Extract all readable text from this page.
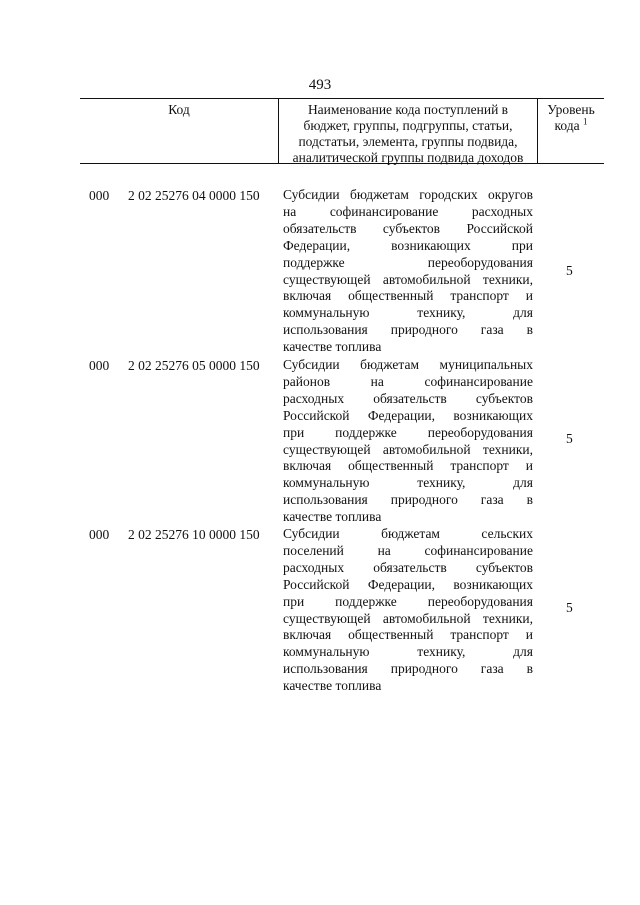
493
Код	Наименование кода поступлений в
бюджет, группы, подгруппы, статьи,
подстатьи, элемента, группы подвида,
аналитической группы подвида доходов
Уровень
кода $^1$
000 2 02 25276 04 0000 150 Субсидии бюджетам городских округов
на софинансирование расходных
обязательств субъектов Российской
Федерации, возникающих при
поддержке переоборудования
существующей автомобильной техники,
включая общественный транспорт и
коммунальную технику, для
использования природного газа в
качестве топлива
5
000 2 02 25276 05 0000 150 Субсидии бюджетам муниципальных
районов на софинансирование
расходных обязательств субъектов
Российской Федерации, возникающих
при поддержке переоборудования
существующей автомобильной техники,
включая общественный транспорт и
коммунальную технику, для
использования природного газа в
качестве топлива
5
000 2 02 25276 10 0000 150 Субсидии бюджетам сельских
поселений на софинансирование
расходных обязательств субъектов
Российской Федерации, возникающих
при поддержке переоборудования
существующей автомобильной техники,
включая общественный транспорт и
коммунальную технику, для
использования природного газа в
качестве топлива
5
